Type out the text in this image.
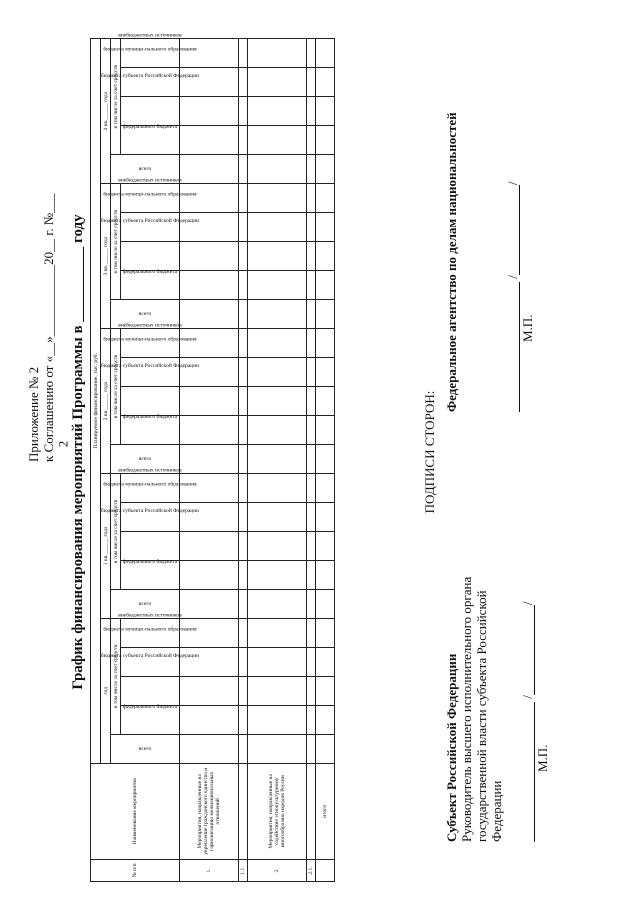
2
Приложение № 2 к Соглашению от «__»___________20__ г. №___ График финансирования мероприятий Программы в __________ году
№ п/п	Наименование мероприятия	Планируемое финансирование, тыс. руб.																								
		год					1 кв.______ года					2 кв.______ года					3 кв.______ года					4 кв.______ года				
		всего	в том числе за счет средств				всего	в том числе за счет средств				всего	в том числе за счет средств				всего	в том числе за счет средств				всего	в том числе за счет средств			
			федерального бюджета	бюджета субъекта Российской Федерации	бюджета муници-пального образования	внебюджетных источников		федерального бюджета	бюджета субъекта Российской Федерации	бюджета муници-пального образования	внебюджетных источников		федерального бюджета	бюджета субъекта Российской Федерации	бюджета муници-пального образования	внебюджетных источников		федерального бюджета	бюджета субъекта Российской Федерации	бюджета муници-пального образования	внебюджетных источников		федерального бюджета	бюджета субъекта Российской Федерации	бюджета муници-пального образования	внебюджетных источников
1.	Мероприятия, направленные на укрепление гражданского единства и гармонизацию межнациональных отношений																									
1.1.																										
2.	Мероприятия, направленные на содействие этнокультурному многообразию народов России																									
2.1.																										
	итого																									
ПОДПИСИ СТОРОН:
Субъект Российской Федерации Руководитель высшего исполнительного органа государственной власти субъекта Российской Федерации
//
М.П.
Федеральное агентство по делам национальностей	//
М.П.
